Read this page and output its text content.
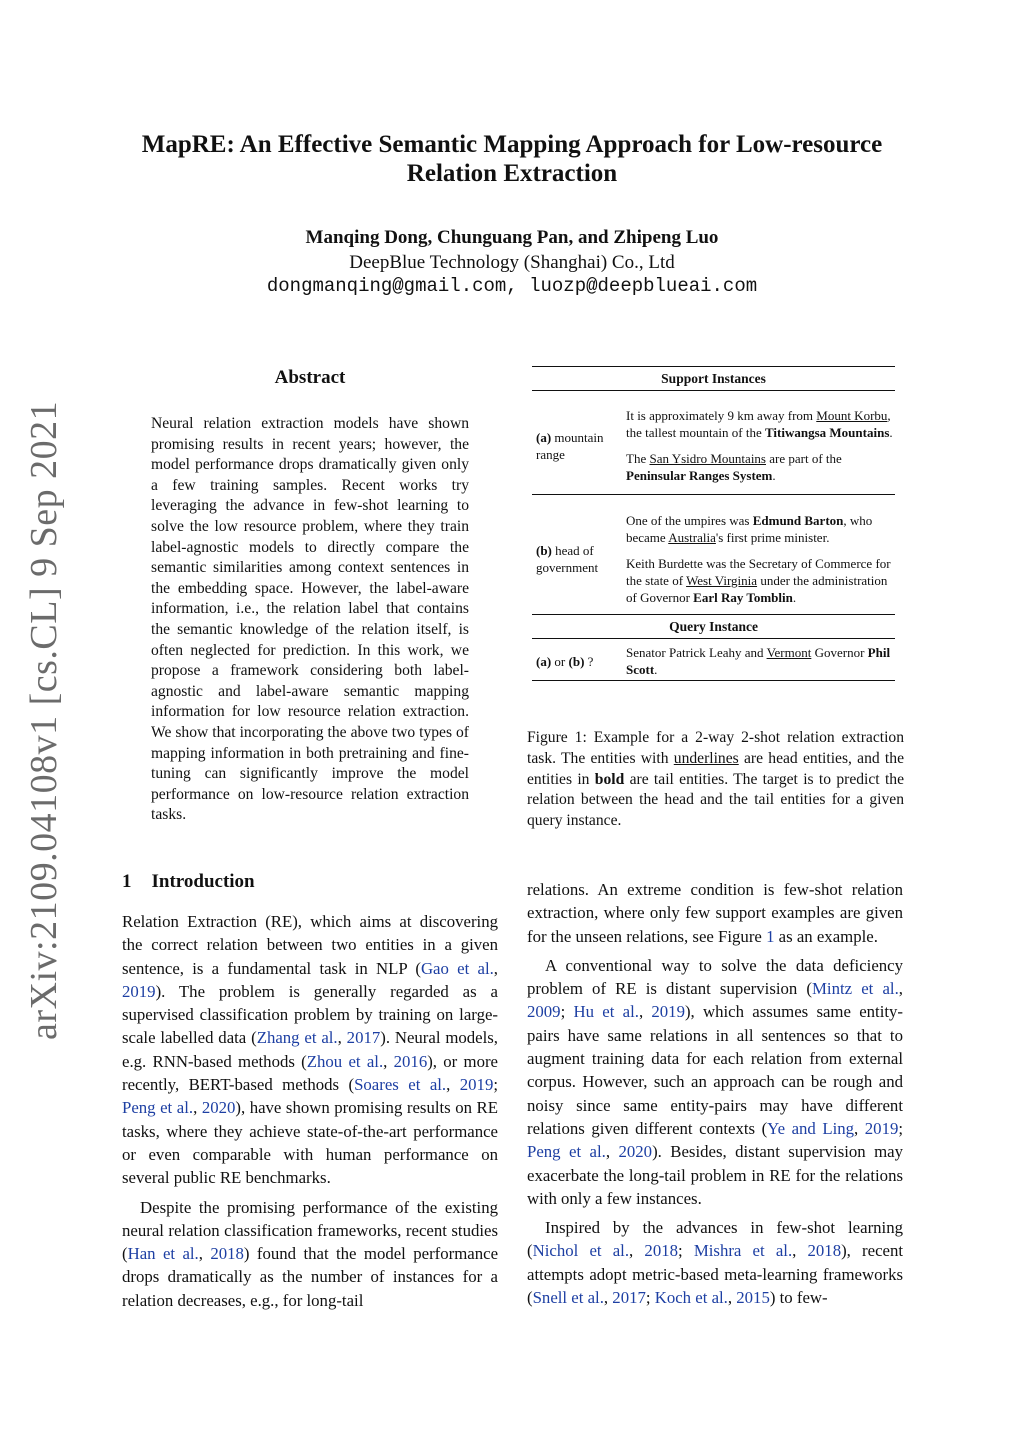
arXiv:2109.04108v1 [cs.CL] 9 Sep 2021
MapRE: An Effective Semantic Mapping Approach for Low-resource
Relation Extraction
Manqing Dong, Chunguang Pan, and Zhipeng Luo
DeepBlue Technology (Shanghai) Co., Ltd
dongmanqing@gmail.com, luozp@deepblueai.com
Abstract
Neural relation extraction models have shown promising results in recent years; however, the model performance drops dramatically given only a few training samples. Recent works try leveraging the advance in few-shot learning to solve the low resource problem, where they train label-agnostic models to directly compare the semantic similarities among context sentences in the embedding space. However, the label-aware information, i.e., the relation label that contains the semantic knowledge of the relation itself, is often neglected for prediction. In this work, we propose a framework considering both label-agnostic and label-aware semantic mapping information for low resource relation extraction. We show that incorporating the above two types of mapping information in both pretraining and fine-tuning can significantly improve the model performance on low-resource relation extraction tasks.
1 Introduction

Relation Extraction (RE), which aims at discovering the correct relation between two entities in a given sentence, is a fundamental task in NLP (Gao et al., 2019). The problem is generally regarded as a supervised classification problem by training on large-scale labelled data (Zhang et al., 2017). Neural models, e.g. RNN-based methods (Zhou et al., 2016), or more recently, BERT-based methods (Soares et al., 2019; Peng et al., 2020), have shown promising results on RE tasks, where they achieve state-of-the-art performance or even comparable with human performance on several public RE benchmarks.

Despite the promising performance of the existing neural relation classification frameworks, recent studies (Han et al., 2018) found that the model performance drops dramatically as the number of instances for a relation decreases, e.g., for long-tail

Support Instances
(a) mountain range
It is approximately 9 km away from Mount Korbu, the tallest mountain of the Titiwangsa Mountains.
The San Ysidro Mountains are part of the Peninsular Ranges System.
(b) head of government
One of the umpires was Edmund Barton, who became Australia's first prime minister.
Keith Burdette was the Secretary of Commerce for the state of West Virginia under the administration of Governor Earl Ray Tomblin.
Query Instance
(a) or (b) ?
Senator Patrick Leahy and Vermont Governor Phil Scott.
Figure 1: Example for a 2-way 2-shot relation extraction task. The entities with underlines are head entities, and the entities in bold are tail entities. The target is to predict the relation between the head and the tail entities for a given query instance.

relations. An extreme condition is few-shot relation extraction, where only few support examples are given for the unseen relations, see Figure 1 as an example.

A conventional way to solve the data deficiency problem of RE is distant supervision (Mintz et al., 2009; Hu et al., 2019), which assumes same entity-pairs have same relations in all sentences so that to augment training data for each relation from external corpus. However, such an approach can be rough and noisy since same entity-pairs may have different relations given different contexts (Ye and Ling, 2019; Peng et al., 2020). Besides, distant supervision may exacerbate the long-tail problem in RE for the relations with only a few instances.

Inspired by the advances in few-shot learning (Nichol et al., 2018; Mishra et al., 2018), recent attempts adopt metric-based meta-learning frameworks (Snell et al., 2017; Koch et al., 2015) to few-
